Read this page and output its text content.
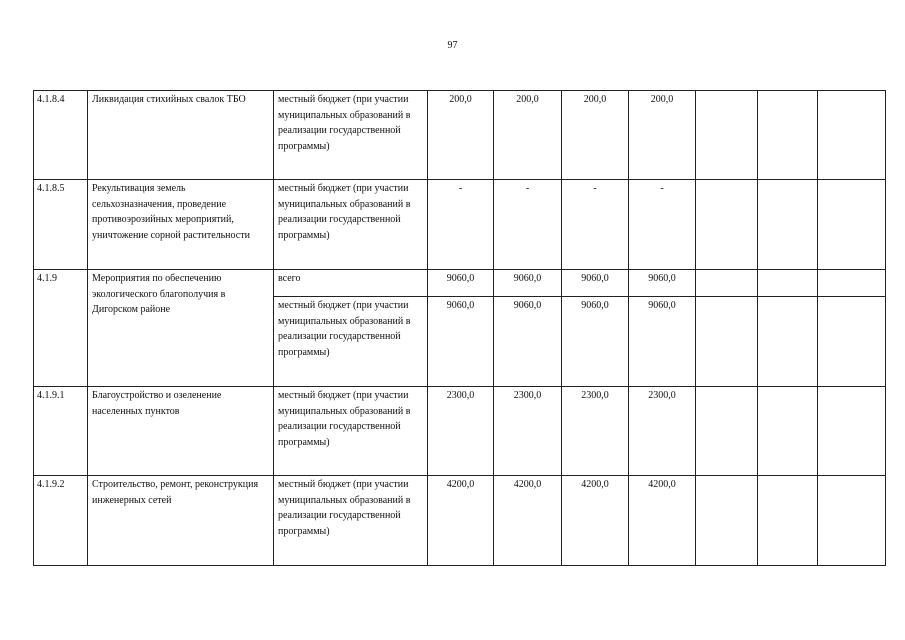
97
4.1.8.4	Ликвидация стихийных свалок ТБО	местный бюджет (при участии муниципальных образований в реализации государственной программы)	200,0	200,0	200,0	200,0			
4.1.8.5	Рекультивация земель сельхозназначения, проведение противоэрозийных мероприятий, уничтожение сорной растительности	местный бюджет (при участии муниципальных образований в реализации государственной программы)	-	-	-	-			
4.1.9	Мероприятия по обеспечению экологического благополучия в Дигорском районе	всего	9060,0	9060,0	9060,0	9060,0			
		местный бюджет (при участии муниципальных образований в реализации государственной программы)	9060,0	9060,0	9060,0	9060,0			
4.1.9.1	Благоустройство и озеленение населенных пунктов	местный бюджет (при участии муниципальных образований в реализации государственной программы)	2300,0	2300,0	2300,0	2300,0			
4.1.9.2	Строительство, ремонт, реконструкция инженерных сетей	местный бюджет (при участии муниципальных образований в реализации государственной программы)	4200,0	4200,0	4200,0	4200,0			
